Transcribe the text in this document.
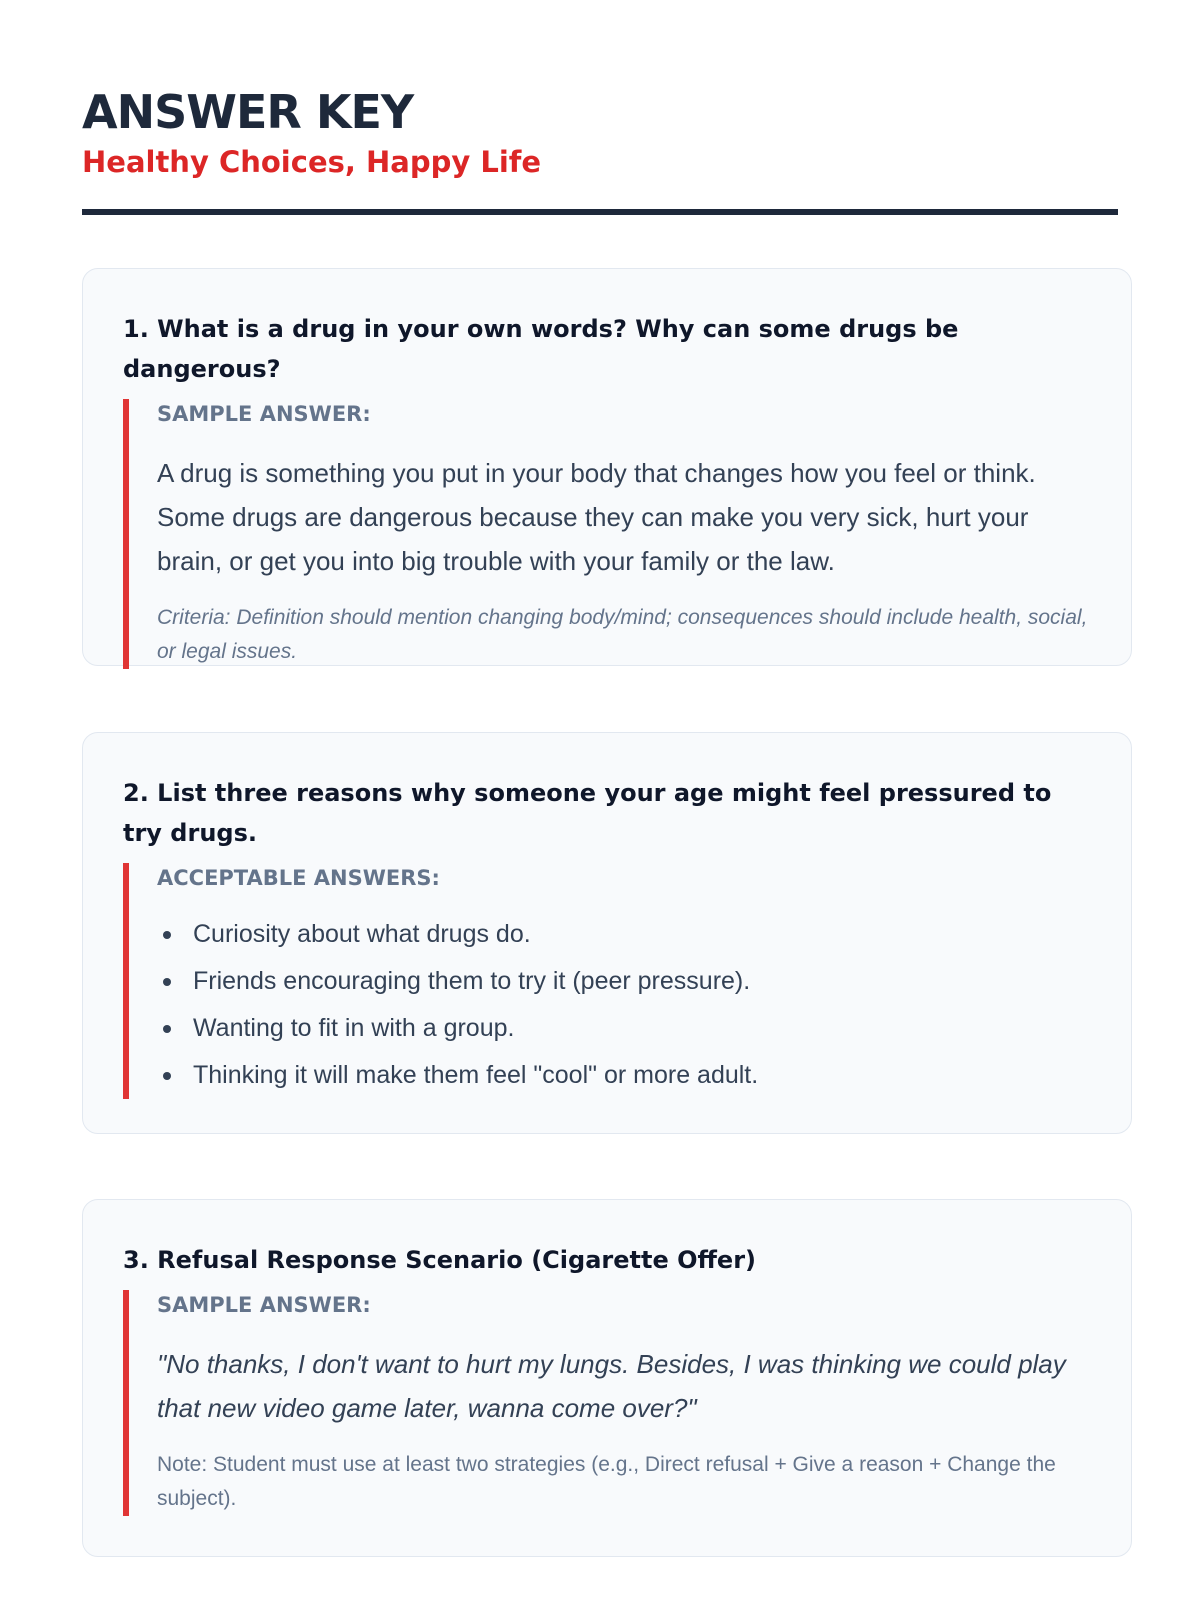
ANSWER KEY
Healthy Choices, Happy Life
1. What is a drug in your own words? Why can some drugs be dangerous?
SAMPLE ANSWER:

A drug is something you put in your body that changes how you feel or think. Some drugs are dangerous because they can make you very sick, hurt your brain, or get you into big trouble with your family or the law.

Criteria: Definition should mention changing body/mind; consequences should include health, social, or legal issues.

2. List three reasons why someone your age might feel pressured to try drugs.
ACCEPTABLE ANSWERS:
Curiosity about what drugs do.
Friends encouraging them to try it (peer pressure).
Wanting to fit in with a group.
Thinking it will make them feel "cool" or more adult.
3. Refusal Response Scenario (Cigarette Offer)
SAMPLE ANSWER:

"No thanks, I don't want to hurt my lungs. Besides, I was thinking we could play that new video game later, wanna come over?"

Note: Student must use at least two strategies (e.g., Direct refusal + Give a reason + Change the subject).
